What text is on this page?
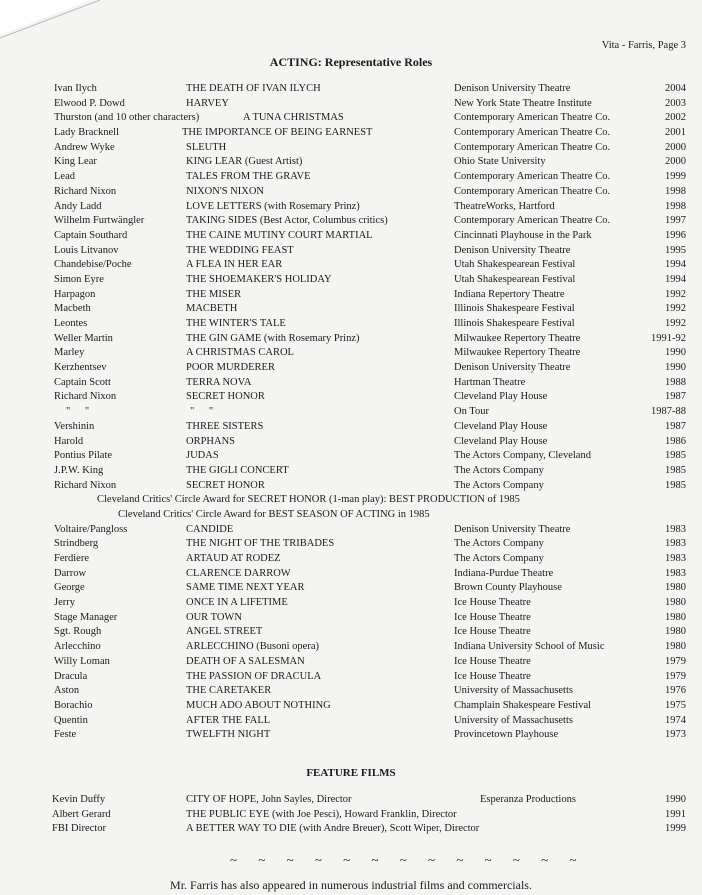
Vita - Farris, Page 3
ACTING: Representative Roles
Ivan Ilych	THE DEATH OF IVAN ILYCH	Denison University Theatre	2004
Elwood P. Dowd	HARVEY	New York State Theatre Institute	2003
Thurston (and 10 other characters)	A TUNA CHRISTMAS	Contemporary American Theatre Co.	2002
Lady Bracknell	THE IMPORTANCE OF BEING EARNEST	Contemporary American Theatre Co.	2001
Andrew Wyke	SLEUTH	Contemporary American Theatre Co.	2000
King Lear	KING LEAR (Guest Artist)	Ohio State University	2000
Lead	TALES FROM THE GRAVE	Contemporary American Theatre Co.	1999
Richard Nixon	NIXON'S NIXON	Contemporary American Theatre Co.	1998
Andy Ladd	LOVE LETTERS (with Rosemary Prinz)	TheatreWorks, Hartford	1998
Wilhelm Furtwängler	TAKING SIDES (Best Actor, Columbus critics)	Contemporary American Theatre Co.	1997
Captain Southard	THE CAINE MUTINY COURT MARTIAL	Cincinnati Playhouse in the Park	1996
Louis Litvanov	THE WEDDING FEAST	Denison University Theatre	1995
Chandebise/Poche	A FLEA IN HER EAR	Utah Shakespearean Festival	1994
Simon Eyre	THE SHOEMAKER'S HOLIDAY	Utah Shakespearean Festival	1994
Harpagon	THE MISER	Indiana Repertory Theatre	1992
Macbeth	MACBETH	Illinois Shakespeare Festival	1992
Leontes	THE WINTER'S TALE	Illinois Shakespeare Festival	1992
Weller Martin	THE GIN GAME (with Rosemary Prinz)	Milwaukee Repertory Theatre	1991-92
Marley	A CHRISTMAS CAROL	Milwaukee Repertory Theatre	1990
Kerzhentsev	POOR MURDERER	Denison University Theatre	1990
Captain Scott	TERRA NOVA	Hartman Theatre	1988
Richard Nixon	SECRET HONOR	Cleveland Play House	1987
" "	" "	On Tour	1987-88
Vershinin	THREE SISTERS	Cleveland Play House	1987
Harold	ORPHANS	Cleveland Play House	1986
Pontius Pilate	JUDAS	The Actors Company, Cleveland	1985
J.P.W. King	THE GIGLI CONCERT	The Actors Company	1985
Richard Nixon	SECRET HONOR	The Actors Company	1985
Cleveland Critics' Circle Award for SECRET HONOR (1-man play): BEST PRODUCTION of 1985
Cleveland Critics' Circle Award for BEST SEASON OF ACTING in 1985
Voltaire/Pangloss	CANDIDE	Denison University Theatre	1983
Strindberg	THE NIGHT OF THE TRIBADES	The Actors Company	1983
Ferdiere	ARTAUD AT RODEZ	The Actors Company	1983
Darrow	CLARENCE DARROW	Indiana-Purdue Theatre	1983
George	SAME TIME NEXT YEAR	Brown County Playhouse	1980
Jerry	ONCE IN A LIFETIME	Ice House Theatre	1980
Stage Manager	OUR TOWN	Ice House Theatre	1980
Sgt. Rough	ANGEL STREET	Ice House Theatre	1980
Arlecchino	ARLECCHINO (Busoni opera)	Indiana University School of Music	1980
Willy Loman	DEATH OF A SALESMAN	Ice House Theatre	1979
Dracula	THE PASSION OF DRACULA	Ice House Theatre	1979
Aston	THE CARETAKER	University of Massachusetts	1976
Borachio	MUCH ADO ABOUT NOTHING	Champlain Shakespeare Festival	1975
Quentin	AFTER THE FALL	University of Massachusetts	1974
Feste	TWELFTH NIGHT	Provincetown Playhouse	1973
FEATURE FILMS
Kevin Duffy	CITY OF HOPE, John Sayles, Director	Esperanza Productions	1990
Albert Gerard	THE PUBLIC EYE (with Joe Pesci), Howard Franklin, Director	1991
FBI Director	A BETTER WAY TO DIE (with Andre Breuer), Scott Wiper, Director	1999
~ ~ ~ ~ ~ ~ ~ ~ ~ ~ ~ ~ ~
Mr. Farris has also appeared in numerous industrial films and commercials.
